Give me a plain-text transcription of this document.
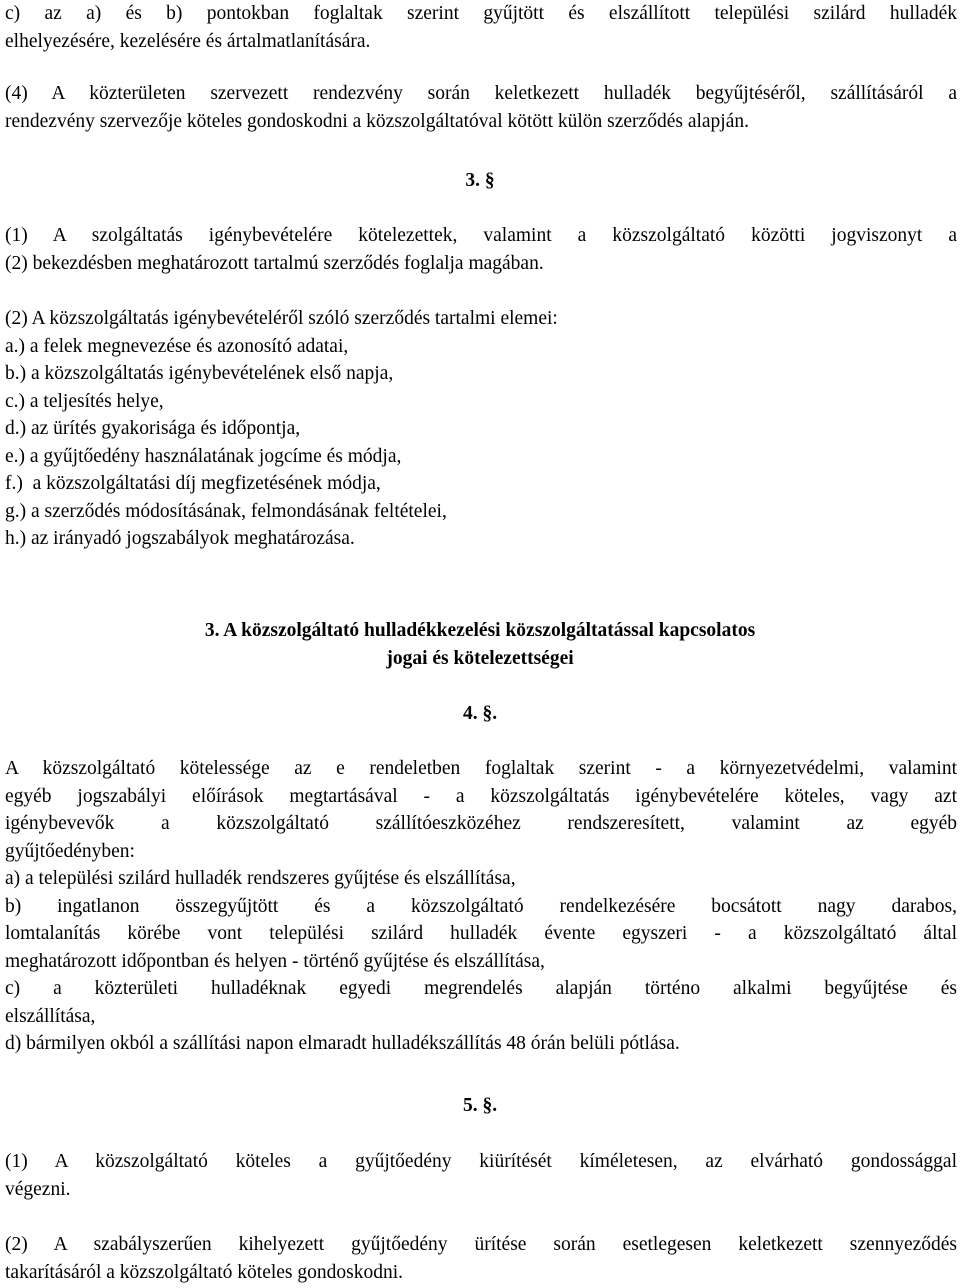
c) az a) és b) pontokban foglaltak szerint gyűjtött és elszállított települési szilárd hulladék
elhelyezésére, kezelésére és ártalmatlanítására.
(4) A közterületen szervezett rendezvény során keletkezett hulladék begyűjtéséről, szállításáról a
rendezvény szervezője köteles gondoskodni a közszolgáltatóval kötött külön szerződés alapján.

3. §

(1) A szolgáltatás igénybevételére kötelezettek, valamint a közszolgáltató közötti jogviszonyt a
(2) bekezdésben meghatározott tartalmú szerződés foglalja magában.
(2) A közszolgáltatás igénybevételéről szóló szerződés tartalmi elemei:
a.) a felek megnevezése és azonosító adatai,
b.) a közszolgáltatás igénybevételének első napja,
c.) a teljesítés helye,
d.) az ürítés gyakorisága és időpontja,
e.) a gyűjtőedény használatának jogcíme és módja,
f.)  a közszolgáltatási díj megfizetésének módja,
g.) a szerződés módosításának, felmondásának feltételei,
h.) az irányadó jogszabályok meghatározása.

3. A közszolgáltató hulladékkezelési közszolgáltatással kapcsolatos

jogai és kötelezettségei

4. §.

A közszolgáltató kötelessége az e rendeletben foglaltak szerint - a környezetvédelmi, valamint
egyéb jogszabályi előírások megtartásával - a közszolgáltatás igénybevételére köteles, vagy azt
igénybevevők a közszolgáltató szállítóeszközéhez rendszeresített, valamint az egyéb
gyűjtőedényben:
a) a települési szilárd hulladék rendszeres gyűjtése és elszállítása,
b) ingatlanon összegyűjtött és a közszolgáltató rendelkezésére bocsátott nagy darabos,
lomtalanítás körébe vont települési szilárd hulladék évente egyszeri - a közszolgáltató által
meghatározott időpontban és helyen - történő gyűjtése és elszállítása,
c) a közterületi hulladéknak egyedi megrendelés alapján történo alkalmi begyűjtése és
elszállítása,
d) bármilyen okból a szállítási napon elmaradt hulladékszállítás 48 órán belüli pótlása.

5. §.

(1) A közszolgáltató köteles a gyűjtőedény kiürítését kíméletesen, az elvárható gondossággal
végezni.
(2) A szabályszerűen kihelyezett gyűjtőedény ürítése során esetlegesen keletkezett szennyeződés
takarításáról a közszolgáltató köteles gondoskodni.
